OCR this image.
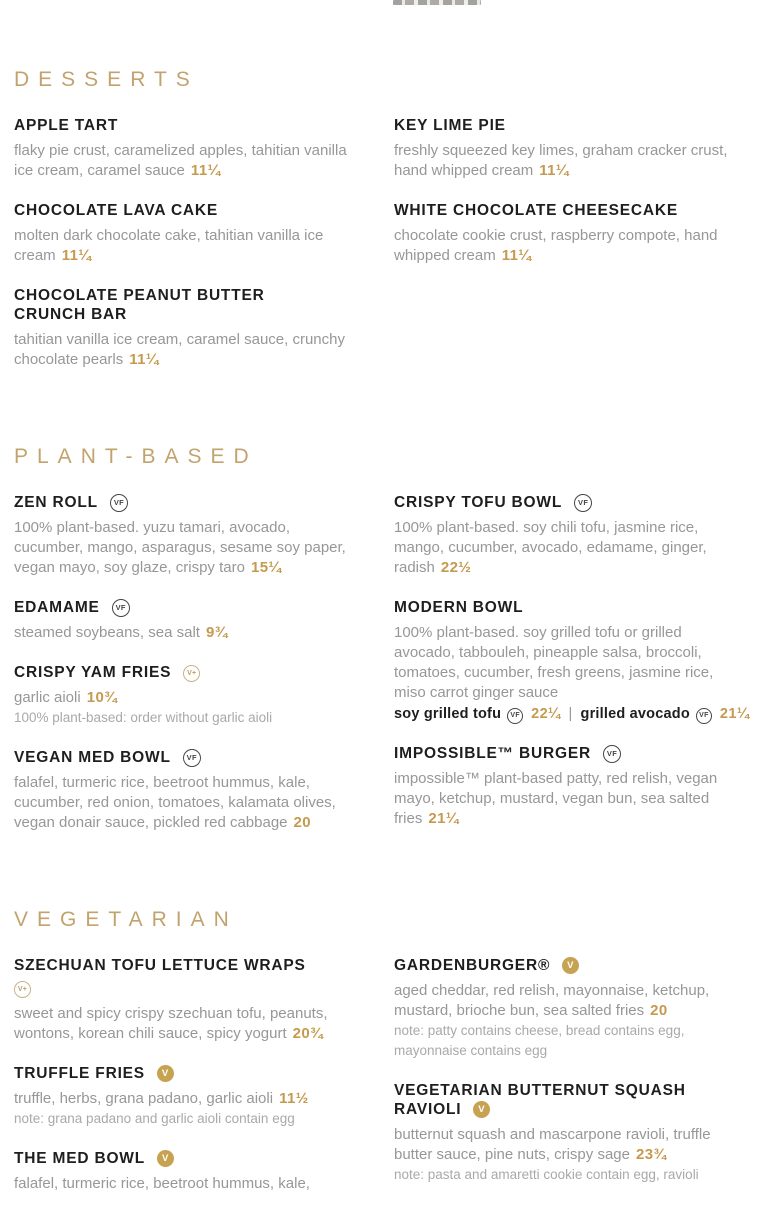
DESSERTS
APPLE TART

flaky pie crust, caramelized apples, tahitian vanilla ice cream, caramel sauce 11¼

CHOCOLATE LAVA CAKE

molten dark chocolate cake, tahitian vanilla ice cream 11¼

CHOCOLATE PEANUT BUTTER CRUNCH BAR

tahitian vanilla ice cream, caramel sauce, crunchy chocolate pearls 11¼

KEY LIME PIE

freshly squeezed key limes, graham cracker crust, hand whipped cream 11¼

WHITE CHOCOLATE CHEESECAKE

chocolate cookie crust, raspberry compote, hand whipped cream 11¼

PLANT-BASED
ZEN ROLL VF

100% plant-based. yuzu tamari, avocado, cucumber, mango, asparagus, sesame soy paper, vegan mayo, soy glaze, crispy taro 15¼

EDAMAME VF

steamed soybeans, sea salt 9¾

CRISPY YAM FRIES V+

garlic aioli 10¾

100% plant-based: order without garlic aioli

VEGAN MED BOWL VF

falafel, turmeric rice, beetroot hummus, kale, cucumber, red onion, tomatoes, kalamata olives, vegan donair sauce, pickled red cabbage 20

CRISPY TOFU BOWL VF

100% plant-based. soy chili tofu, jasmine rice, mango, cucumber, avocado, edamame, ginger, radish 22½

MODERN BOWL

100% plant-based. soy grilled tofu or grilled avocado, tabbouleh, pineapple salsa, broccoli, tomatoes, cucumber, fresh greens, jasmine rice, miso carrot ginger sauce

soy grilled tofu VF 22¼ | grilled avocado VF 21¼

IMPOSSIBLE™ BURGER VF

impossible™ plant-based patty, red relish, vegan mayo, ketchup, mustard, vegan bun, sea salted fries 21¼

VEGETARIAN
SZECHUAN TOFU LETTUCE WRAPS
V+

sweet and spicy crispy szechuan tofu, peanuts, wontons, korean chili sauce, spicy yogurt 20¾

TRUFFLE FRIES V

truffle, herbs, grana padano, garlic aioli 11½

note: grana padano and garlic aioli contain egg

THE MED BOWL V

falafel, turmeric rice, beetroot hummus, kale,

GARDENBURGER® V

aged cheddar, red relish, mayonnaise, ketchup, mustard, brioche bun, sea salted fries 20

note: patty contains cheese, bread contains egg, mayonnaise contains egg

VEGETARIAN BUTTERNUT SQUASH RAVIOLI V

butternut squash and mascarpone ravioli, truffle butter sauce, pine nuts, crispy sage 23¾

note: pasta and amaretti cookie contain egg, ravioli
